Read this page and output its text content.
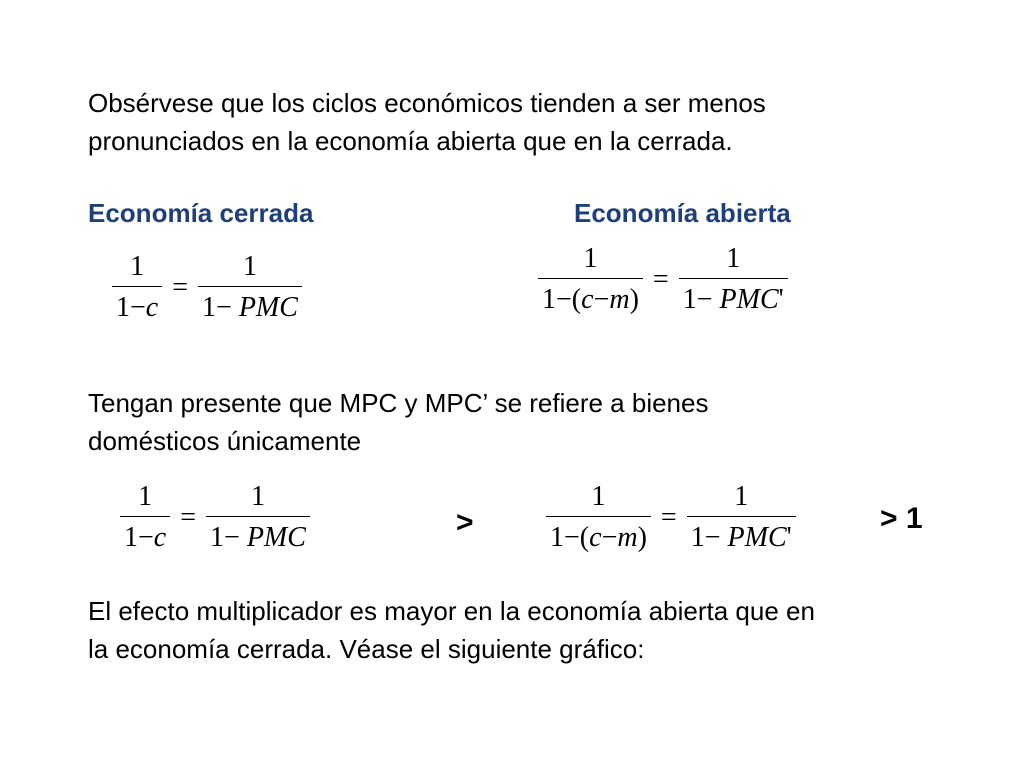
Obsérvese que los ciclos económicos tienden a ser menos
pronunciados en la economía abierta que en la cerrada.

Economía cerrada	Economía abierta
$\frac{1}{1-c} = \frac{1}{\text{1− PMC}}$	$\frac{1}{1-(c-m)} = \frac{1}{\text{1− PMC'}}$

Tengan presente que MPC y MPC’ se refiere a bienes
domésticos únicamente

$\frac{1}{1-c} = \frac{1}{\text{1− PMC}}$	>	$\frac{1}{1-(c-m)} = \frac{1}{\text{1− PMC'}}$	> 1

El efecto multiplicador es mayor en la economía abierta que en
la economía cerrada. Véase el siguiente gráfico:
